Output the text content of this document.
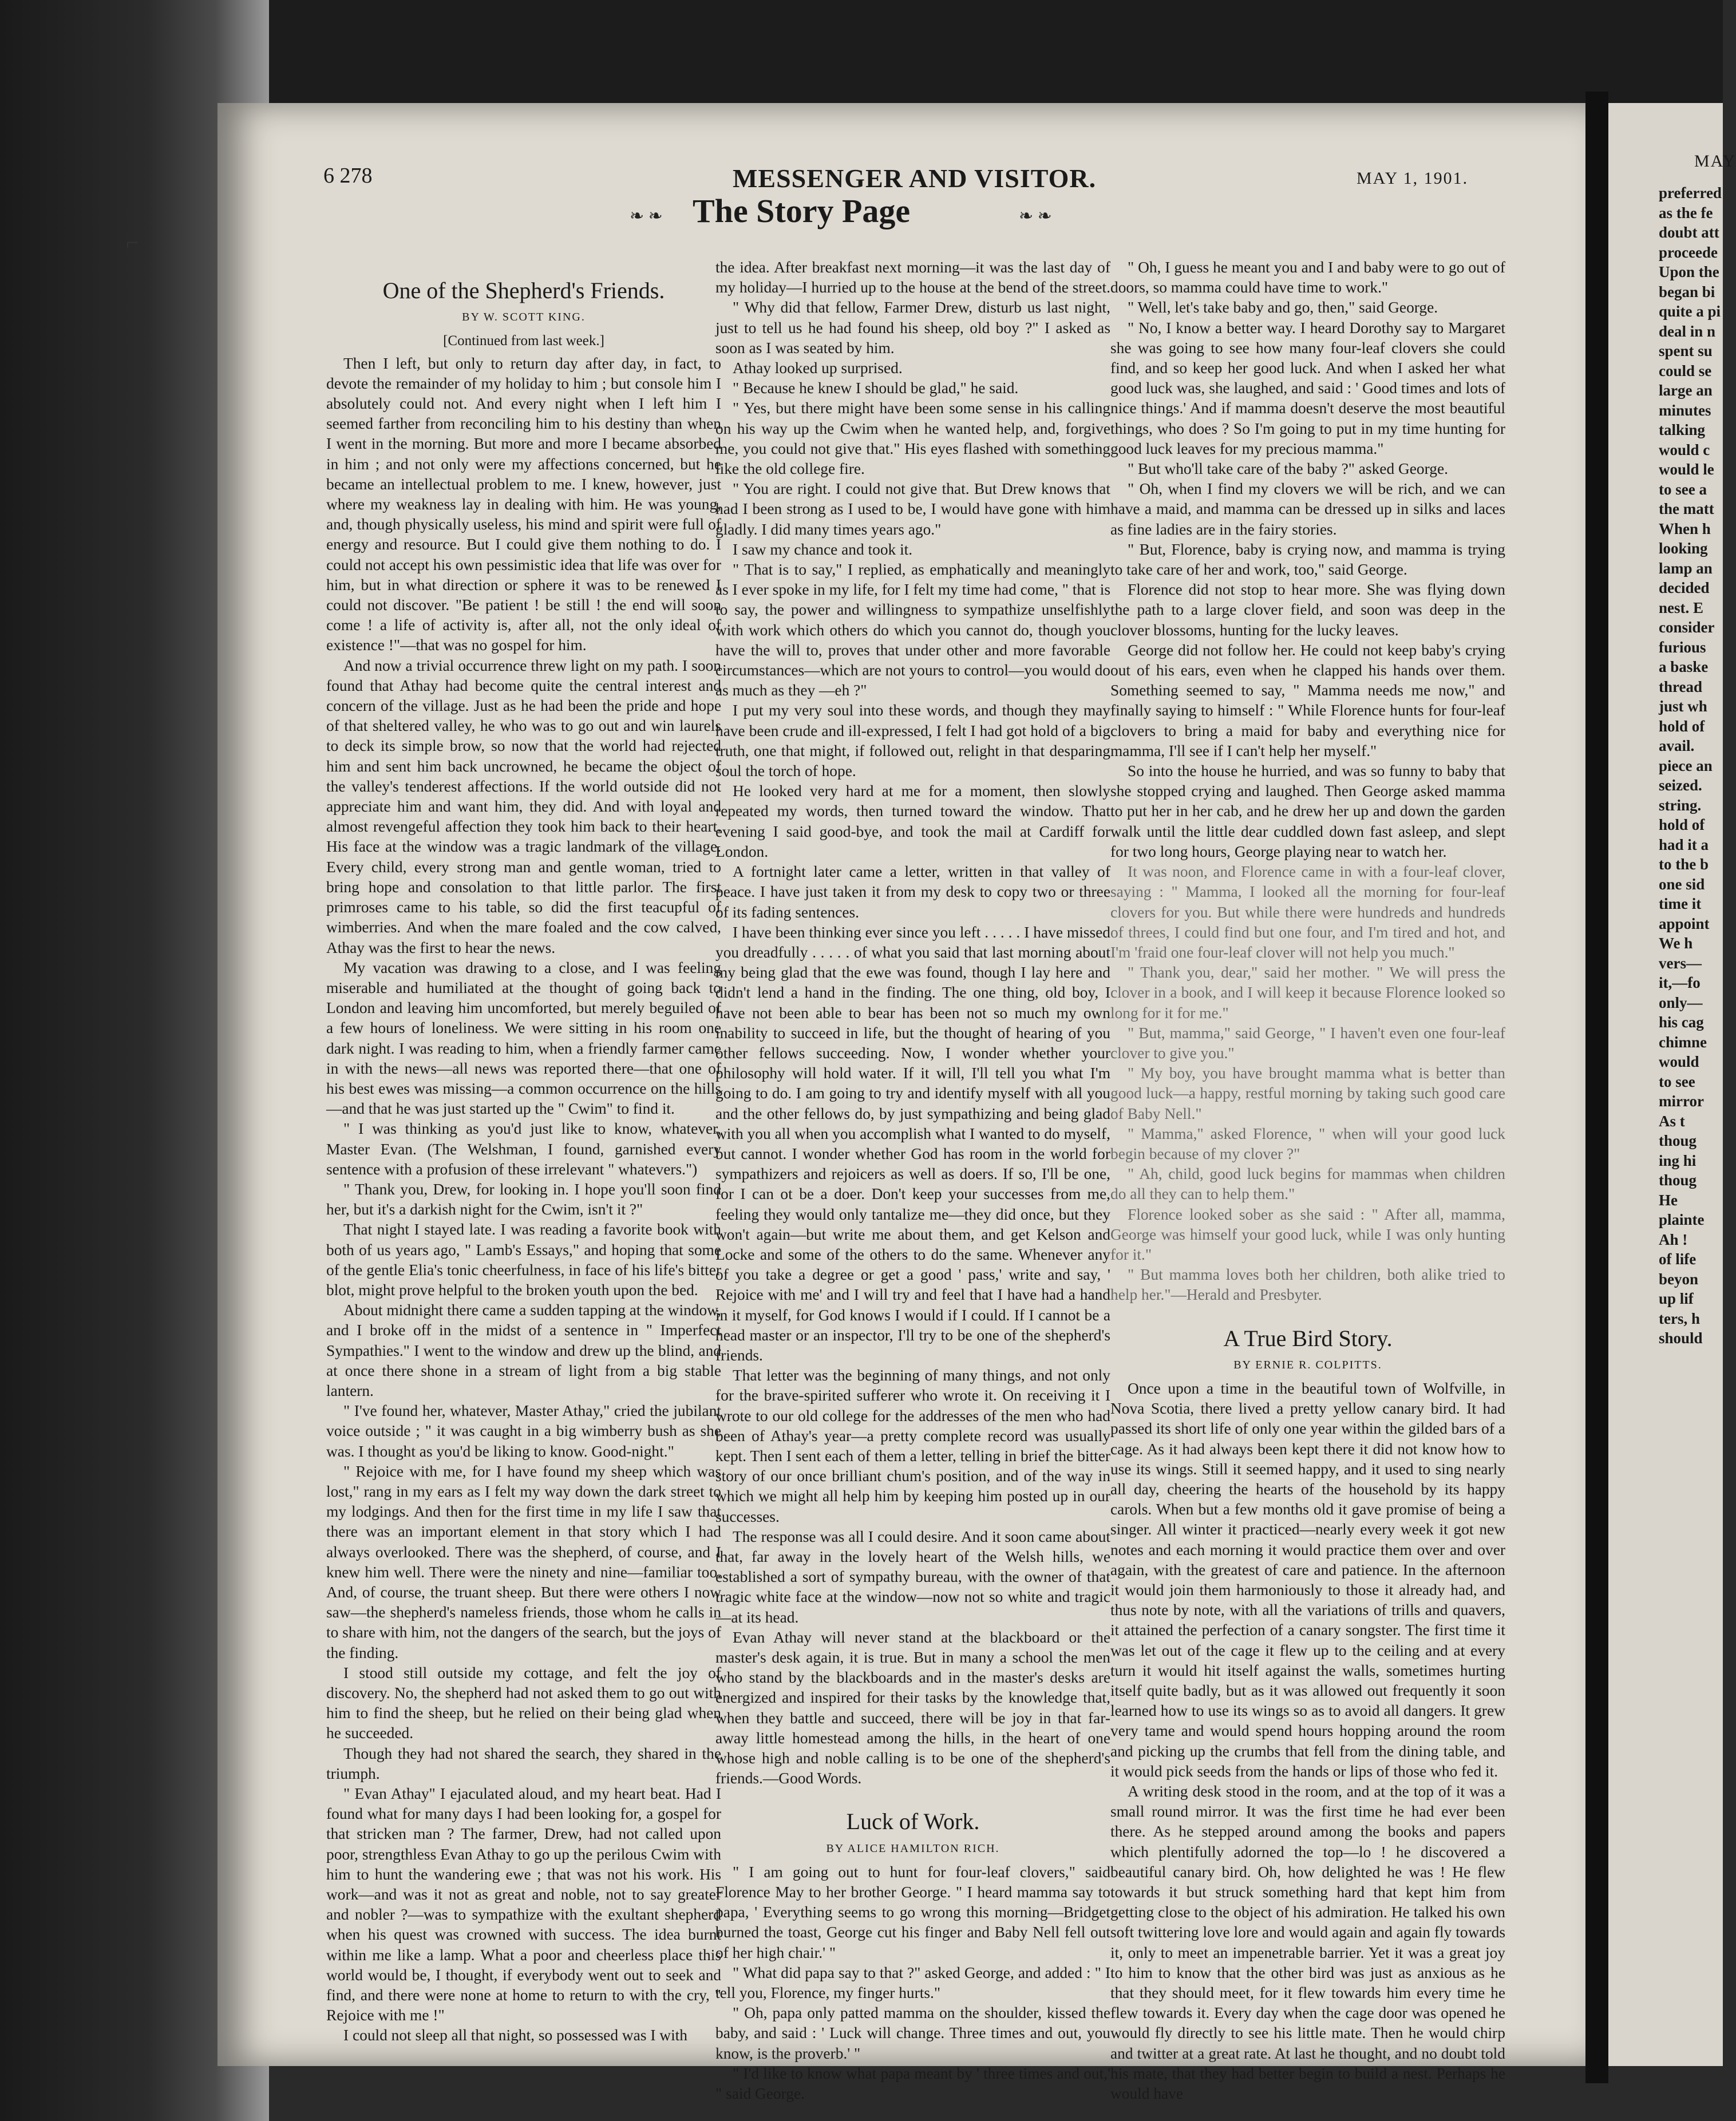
6 278	MESSENGER AND VISITOR.	MAY 1, 1901.
❧ ❧ The Story Page	❧ ❧
⌐
One of the Shepherd's Friends.
BY W. SCOTT KING.
[Continued from last week.]

Then I left, but only to return day after day, in fact, to devote the remainder of my holiday to him ; but console him I absolutely could not. And every night when I left him I seemed farther from reconciling him to his destiny than when I went in the morning. But more and more I became absorbed in him ; and not only were my affections concerned, but he became an intellectual problem to me. I knew, however, just where my weakness lay in dealing with him. He was young, and, though physically useless, his mind and spirit were full of energy and resource. But I could give them nothing to do. I could not accept his own pessimistic idea that life was over for him, but in what direction or sphere it was to be renewed I could not discover. "Be patient ! be still ! the end will soon come ! a life of activity is, after all, not the only ideal of existence !"—that was no gospel for him.

And now a trivial occurrence threw light on my path. I soon found that Athay had become quite the central interest and concern of the village. Just as he had been the pride and hope of that sheltered valley, he who was to go out and win laurels to deck its simple brow, so now that the world had rejected him and sent him back uncrowned, he became the object of the valley's tenderest affections. If the world outside did not appreciate him and want him, they did. And with loyal and almost revengeful affection they took him back to their heart. His face at the window was a tragic landmark of the village. Every child, every strong man and gentle woman, tried to bring hope and consolation to that little parlor. The first primroses came to his table, so did the first teacupful of wimberries. And when the mare foaled and the cow calved, Athay was the first to hear the news.

My vacation was drawing to a close, and I was feeling miserable and humiliated at the thought of going back to London and leaving him uncomforted, but merely beguiled of a few hours of loneliness. We were sitting in his room one dark night. I was reading to him, when a friendly farmer came in with the news—all news was reported there—that one of his best ewes was missing—a common occurrence on the hills—and that he was just started up the " Cwim" to find it.

" I was thinking as you'd just like to know, whatever, Master Evan. (The Welshman, I found, garnished every sentence with a profusion of these irrelevant " whatevers.")

" Thank you, Drew, for looking in. I hope you'll soon find her, but it's a darkish night for the Cwim, isn't it ?"

That night I stayed late. I was reading a favorite book with both of us years ago, " Lamb's Essays," and hoping that some of the gentle Elia's tonic cheerfulness, in face of his life's bitter blot, might prove helpful to the broken youth upon the bed.

About midnight there came a sudden tapping at the window, and I broke off in the midst of a sentence in " Imperfect Sympathies." I went to the window and drew up the blind, and at once there shone in a stream of light from a big stable lantern.

" I've found her, whatever, Master Athay," cried the jubilant voice outside ; " it was caught in a big wimberry bush as she was. I thought as you'd be liking to know. Good-night."

" Rejoice with me, for I have found my sheep which was lost," rang in my ears as I felt my way down the dark street to my lodgings. And then for the first time in my life I saw that there was an important element in that story which I had always overlooked. There was the shepherd, of course, and I knew him well. There were the ninety and nine—familiar too. And, of course, the truant sheep. But there were others I now saw—the shepherd's nameless friends, those whom he calls in to share with him, not the dangers of the search, but the joys of the finding.

I stood still outside my cottage, and felt the joy of discovery. No, the shepherd had not asked them to go out with him to find the sheep, but he relied on their being glad when he succeeded.

Though they had not shared the search, they shared in the triumph.

" Evan Athay" I ejaculated aloud, and my heart beat. Had I found what for many days I had been looking for, a gospel for that stricken man ? The farmer, Drew, had not called upon poor, strengthless Evan Athay to go up the perilous Cwim with him to hunt the wandering ewe ; that was not his work. His work—and was it not as great and noble, not to say greater and nobler ?—was to sympathize with the exultant shepherd when his quest was crowned with success. The idea burnt within me like a lamp. What a poor and cheerless place this world would be, I thought, if everybody went out to seek and find, and there were none at home to return to with the cry, " Rejoice with me !"

I could not sleep all that night, so possessed was I with

the idea. After breakfast next morning—it was the last day of my holiday—I hurried up to the house at the bend of the street.

" Why did that fellow, Farmer Drew, disturb us last night, just to tell us he had found his sheep, old boy ?" I asked as soon as I was seated by him.

Athay looked up surprised.

" Because he knew I should be glad," he said.

" Yes, but there might have been some sense in his calling on his way up the Cwim when he wanted help, and, forgive me, you could not give that." His eyes flashed with something like the old college fire.

" You are right. I could not give that. But Drew knows that had I been strong as I used to be, I would have gone with him gladly. I did many times years ago."

I saw my chance and took it.

" That is to say," I replied, as emphatically and meaningly as I ever spoke in my life, for I felt my time had come, " that is to say, the power and willingness to sympathize unselfishly with work which others do which you cannot do, though you have the will to, proves that under other and more favorable circumstances—which are not yours to control—you would do as much as they —eh ?"

I put my very soul into these words, and though they may have been crude and ill-expressed, I felt I had got hold of a big truth, one that might, if followed out, relight in that desparing soul the torch of hope.

He looked very hard at me for a moment, then slowly repeated my words, then turned toward the window. That evening I said good-bye, and took the mail at Cardiff for London.

A fortnight later came a letter, written in that valley of peace. I have just taken it from my desk to copy two or three of its fading sentences.

I have been thinking ever since you left . . . . . I have missed you dreadfully . . . . . of what you said that last morning about my being glad that the ewe was found, though I lay here and didn't lend a hand in the finding. The one thing, old boy, I have not been able to bear has been not so much my own inability to succeed in life, but the thought of hearing of you other fellows succeeding. Now, I wonder whether your philosophy will hold water. If it will, I'll tell you what I'm going to do. I am going to try and identify myself with all you and the other fellows do, by just sympathizing and being glad with you all when you accomplish what I wanted to do myself, but cannot. I wonder whether God has room in the world for sympathizers and rejoicers as well as doers. If so, I'll be one, for I can ot be a doer. Don't keep your successes from me, feeling they would only tantalize me—they did once, but they won't again—but write me about them, and get Kelson and Locke and some of the others to do the same. Whenever any of you take a degree or get a good ' pass,' write and say, ' Rejoice with me' and I will try and feel that I have had a hand in it myself, for God knows I would if I could. If I cannot be a head master or an inspector, I'll try to be one of the shepherd's friends.

That letter was the beginning of many things, and not only for the brave-spirited sufferer who wrote it. On receiving it I wrote to our old college for the addresses of the men who had been of Athay's year—a pretty complete record was usually kept. Then I sent each of them a letter, telling in brief the bitter story of our once brilliant chum's position, and of the way in which we might all help him by keeping him posted up in our successes.

The response was all I could desire. And it soon came about that, far away in the lovely heart of the Welsh hills, we established a sort of sympathy bureau, with the owner of that tragic white face at the window—now not so white and tragic—at its head.

Evan Athay will never stand at the blackboard or the master's desk again, it is true. But in many a school the men who stand by the blackboards and in the master's desks are energized and inspired for their tasks by the knowledge that, when they battle and succeed, there will be joy in that far-away little homestead among the hills, in the heart of one whose high and noble calling is to be one of the shepherd's friends.—Good Words.

Luck of Work.
BY ALICE HAMILTON RICH.

" I am going out to hunt for four-leaf clovers," said Florence May to her brother George. " I heard mamma say to papa, ' Everything seems to go wrong this morning—Bridget burned the toast, George cut his finger and Baby Nell fell out of her high chair.' "

" What did papa say to that ?" asked George, and added : " I tell you, Florence, my finger hurts."

" Oh, papa only patted mamma on the shoulder, kissed the baby, and said : ' Luck will change. Three times and out, you know, is the proverb.' "

" I'd like to know what papa meant by ' three times and out,' " said George.

" Oh, I guess he meant you and I and baby were to go out of doors, so mamma could have time to work."

" Well, let's take baby and go, then," said George.

" No, I know a better way. I heard Dorothy say to Margaret she was going to see how many four-leaf clovers she could find, and so keep her good luck. And when I asked her what good luck was, she laughed, and said : ' Good times and lots of nice things.' And if mamma doesn't deserve the most beautiful things, who does ? So I'm going to put in my time hunting for good luck leaves for my precious mamma."

" But who'll take care of the baby ?" asked George.

" Oh, when I find my clovers we will be rich, and we can have a maid, and mamma can be dressed up in silks and laces as fine ladies are in the fairy stories.

" But, Florence, baby is crying now, and mamma is trying to take care of her and work, too," said George.

Florence did not stop to hear more. She was flying down the path to a large clover field, and soon was deep in the clover blossoms, hunting for the lucky leaves.

George did not follow her. He could not keep baby's crying out of his ears, even when he clapped his hands over them. Something seemed to say, " Mamma needs me now," and finally saying to himself : " While Florence hunts for four-leaf clovers to bring a maid for baby and everything nice for mamma, I'll see if I can't help her myself."

So into the house he hurried, and was so funny to baby that she stopped crying and laughed. Then George asked mamma to put her in her cab, and he drew her up and down the garden walk until the little dear cuddled down fast asleep, and slept for two long hours, George playing near to watch her.

It was noon, and Florence came in with a four-leaf clover, saying : " Mamma, I looked all the morning for four-leaf clovers for you. But while there were hundreds and hundreds of threes, I could find but one four, and I'm tired and hot, and I'm 'fraid one four-leaf clover will not help you much."

" Thank you, dear," said her mother. " We will press the clover in a book, and I will keep it because Florence looked so long for it for me."

" But, mamma," said George, " I haven't even one four-leaf clover to give you."

" My boy, you have brought mamma what is better than good luck—a happy, restful morning by taking such good care of Baby Nell."

" Mamma," asked Florence, " when will your good luck begin because of my clover ?"

" Ah, child, good luck begins for mammas when children do all they can to help them."

Florence looked sober as she said : " After all, mamma, George was himself your good luck, while I was only hunting for it."

" But mamma loves both her children, both alike tried to help her."—Herald and Presbyter.

A True Bird Story.
BY ERNIE R. COLPITTS.

Once upon a time in the beautiful town of Wolfville, in Nova Scotia, there lived a pretty yellow canary bird. It had passed its short life of only one year within the gilded bars of a cage. As it had always been kept there it did not know how to use its wings. Still it seemed happy, and it used to sing nearly all day, cheering the hearts of the household by its happy carols. When but a few months old it gave promise of being a singer. All winter it practiced—nearly every week it got new notes and each morning it would practice them over and over again, with the greatest of care and patience. In the afternoon it would join them harmoniously to those it already had, and thus note by note, with all the variations of trills and quavers, it attained the perfection of a canary songster. The first time it was let out of the cage it flew up to the ceiling and at every turn it would hit itself against the walls, sometimes hurting itself quite badly, but as it was allowed out frequently it soon learned how to use its wings so as to avoid all dangers. It grew very tame and would spend hours hopping around the room and picking up the crumbs that fell from the dining table, and it would pick seeds from the hands or lips of those who fed it.

A writing desk stood in the room, and at the top of it was a small round mirror. It was the first time he had ever been there. As he stepped around among the books and papers which plentifully adorned the top—lo ! he discovered a beautiful canary bird. Oh, how delighted he was ! He flew towards it but struck something hard that kept him from getting close to the object of his admiration. He talked his own soft twittering love lore and would again and again fly towards it, only to meet an impenetrable barrier. Yet it was a great joy to him to know that the other bird was just as anxious as he that they should meet, for it flew towards him every time he flew towards it. Every day when the cage door was opened he would fly directly to see his little mate. Then he would chirp and twitter at a great rate. At last he thought, and no doubt told his mate, that they had better begin to build a nest. Perhaps he would have

MAY
preferred
as the fe
doubt att
proceede
Upon the
began bi
quite a pi
deal in n
spent su
could se
large an
minutes
talking
would c
would le
to see a
the matt
When h
looking
lamp an
decided
nest. E
consider
furious
a baske
thread
just wh
hold of
avail.
piece an
seized.
string.
hold of
had it a
to the b
one sid
time it
appoint
We h
vers—
it,—fo
only—
his cag
chimne
would
to see
mirror
As t
thoug
ing hi
thoug
He
plainte
Ah !
of life
beyon
up lif
ters, h
should
